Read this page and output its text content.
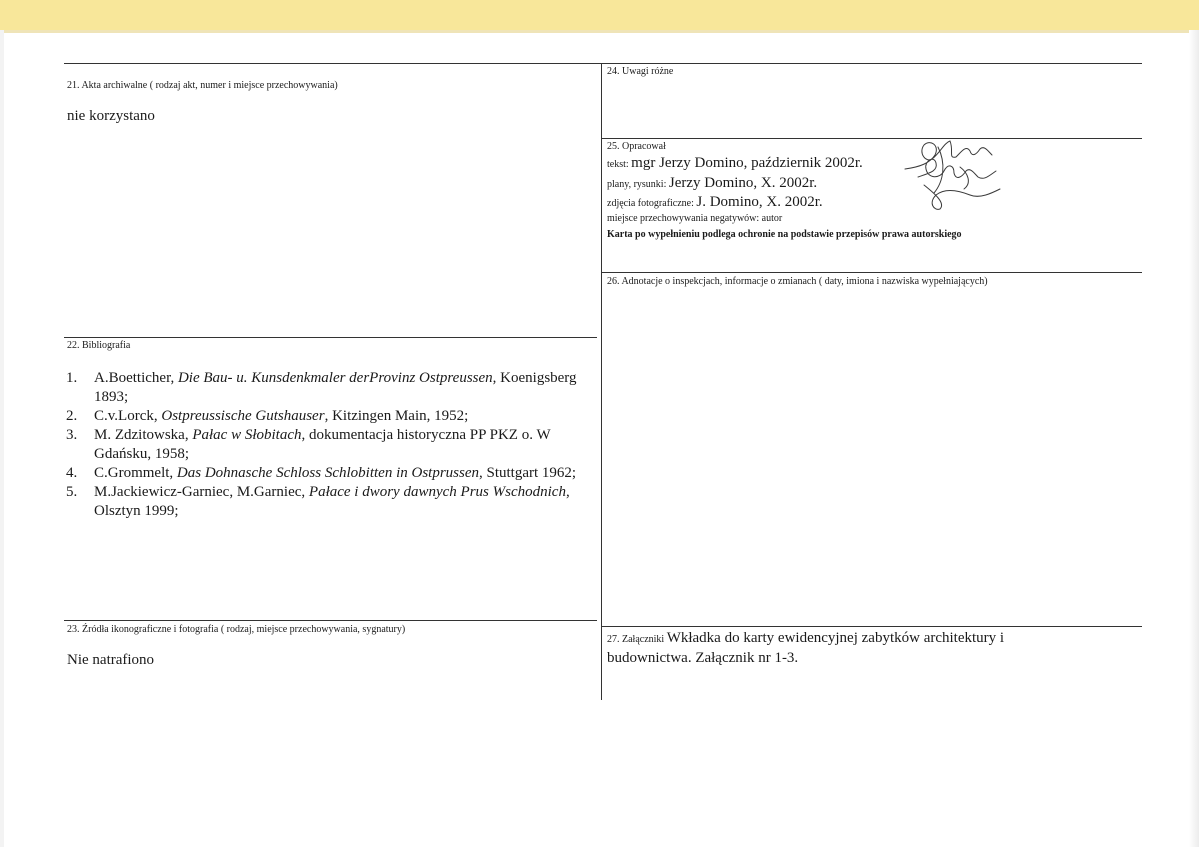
21. Akta archiwalne ( rodzaj akt, numer i miejsce przechowywania)
nie korzystano
22. Bibliografia
1. A.Boetticher, Die Bau- u. Kunsdenkmaler derProvinz Ostpreussen, Koenigsberg 1893;
2. C.v.Lorck, Ostpreussische Gutshauser, Kitzingen Main, 1952;
3. M. Zdzitowska, Pałac w Słobitach, dokumentacja historyczna PP PKZ o. W Gdańsku, 1958;
4. C.Grommelt, Das Dohnasche Schloss Schlobitten in Ostprussen, Stuttgart 1962;
5. M.Jackiewicz-Garniec, M.Garniec, Pałace i dwory dawnych Prus Wschodnich, Olsztyn 1999;
23. Źródła ikonograficzne i fotografia ( rodzaj, miejsce przechowywania, sygnatury)
Nie natrafiono
24. Uwagi różne
25. Opracował
tekst: mgr Jerzy Domino, październik 2002r.
plany, rysunki: Jerzy Domino, X. 2002r.
zdjęcia fotograficzne: J. Domino, X. 2002r.
miejsce przechowywania negatywów: autor
Karta po wypełnieniu podlega ochronie na podstawie przepisów prawa autorskiego
26. Adnotacje o inspekcjach, informacje o zmianach ( daty, imiona i nazwiska wypełniających)
27. Załączniki Wkładka do karty ewidencyjnej zabytków architektury i
budownictwa. Załącznik nr 1-3.
